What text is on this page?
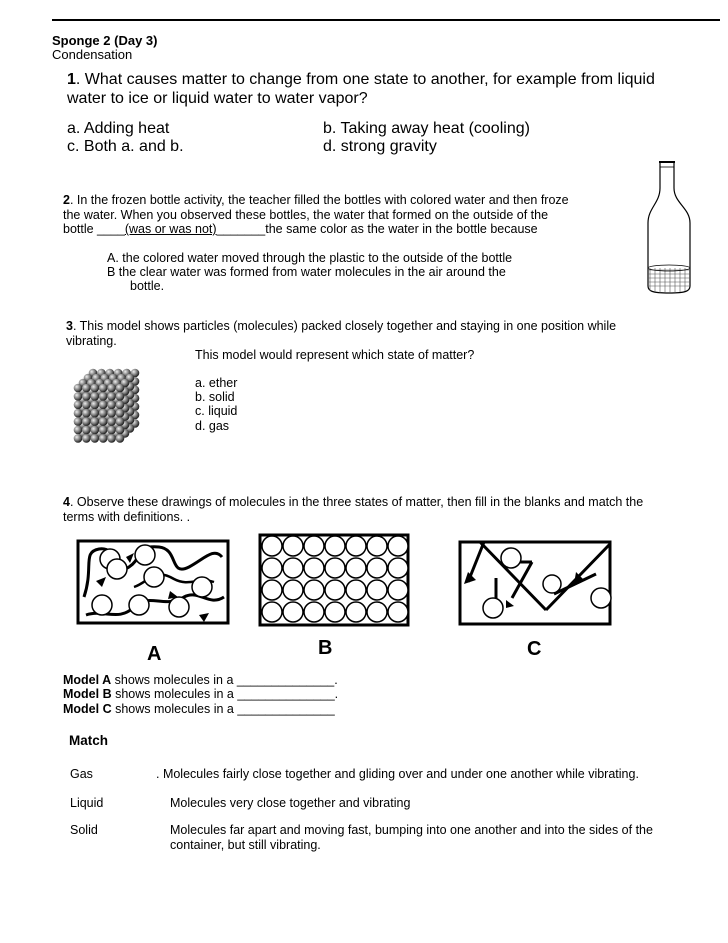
Sponge 2 (Day 3)
Condensation
1. What causes matter to change from one state to another, for example from liquid water to ice or liquid water to water vapor?
a. Adding heat	b. Taking away heat (cooling)
c. Both a. and b.	d. strong gravity
2. In the frozen bottle activity, the teacher filled the bottles with colored water and then froze
the water. When you observed these bottles, the water that formed on the outside of the
bottle ____(was or was not)_______the same color as the water in the bottle because
A. the colored water moved through the plastic to the outside of the bottle
B the clear water was formed from water molecules in the air around the
bottle.
3. This model shows particles (molecules) packed closely together and staying in one position while vibrating.
This model would represent which state of matter?
a. ether
b. solid
c. liquid
d. gas
4. Observe these drawings of molecules in the three states of matter, then fill in the blanks and match the terms with definitions. .
A	B	C
Model A shows molecules in a ______________.
Model B shows molecules in a ______________.
Model C shows molecules in a ______________
Match
Gas	. Molecules fairly close together and gliding over and under one another while vibrating.
Liquid	Molecules very close together and vibrating
Solid	Molecules far apart and moving fast, bumping into one another and into the sides of the container, but still vibrating.
